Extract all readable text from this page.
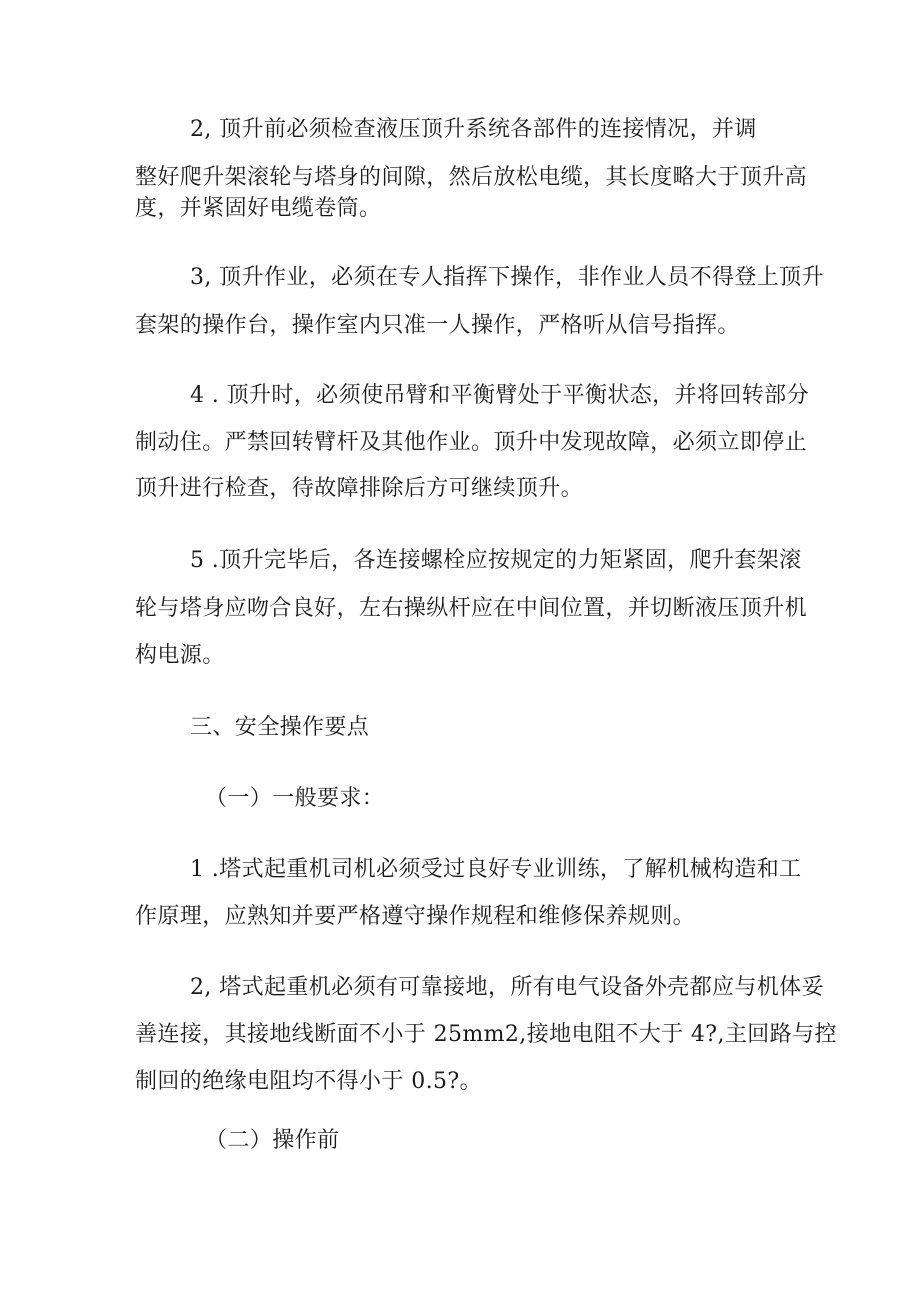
2, 顶升前必须检查液压顶升系统各部件的连接情况，并调
整好爬升架滚轮与塔身的间隙，然后放松电缆，其长度略大于顶升高
度，并紧固好电缆卷筒。
3, 顶升作业，必须在专人指挥下操作，非作业人员不得登上顶升
套架的操作台，操作室内只准一人操作，严格听从信号指挥。
4 . 顶升时，必须使吊臂和平衡臂处于平衡状态，并将回转部分
制动住。严禁回转臂杆及其他作业。顶升中发现故障，必须立即停止
顶升进行检查，待故障排除后方可继续顶升。
5 .顶升完毕后，各连接螺栓应按规定的力矩紧固，爬升套架滚
轮与塔身应吻合良好，左右操纵杆应在中间位置，并切断液压顶升机
构电源。
三、安全操作要点
（一）一般要求：
1 .塔式起重机司机必须受过良好专业训练，了解机械构造和工
作原理，应熟知并要严格遵守操作规程和维修保养规则。
2, 塔式起重机必须有可靠接地，所有电气设备外壳都应与机体妥
善连接，其接地线断面不小于 25mm2,接地电阻不大于 4?,主回路与控
制回的绝缘电阻均不得小于 0.5?。
（二）操作前
